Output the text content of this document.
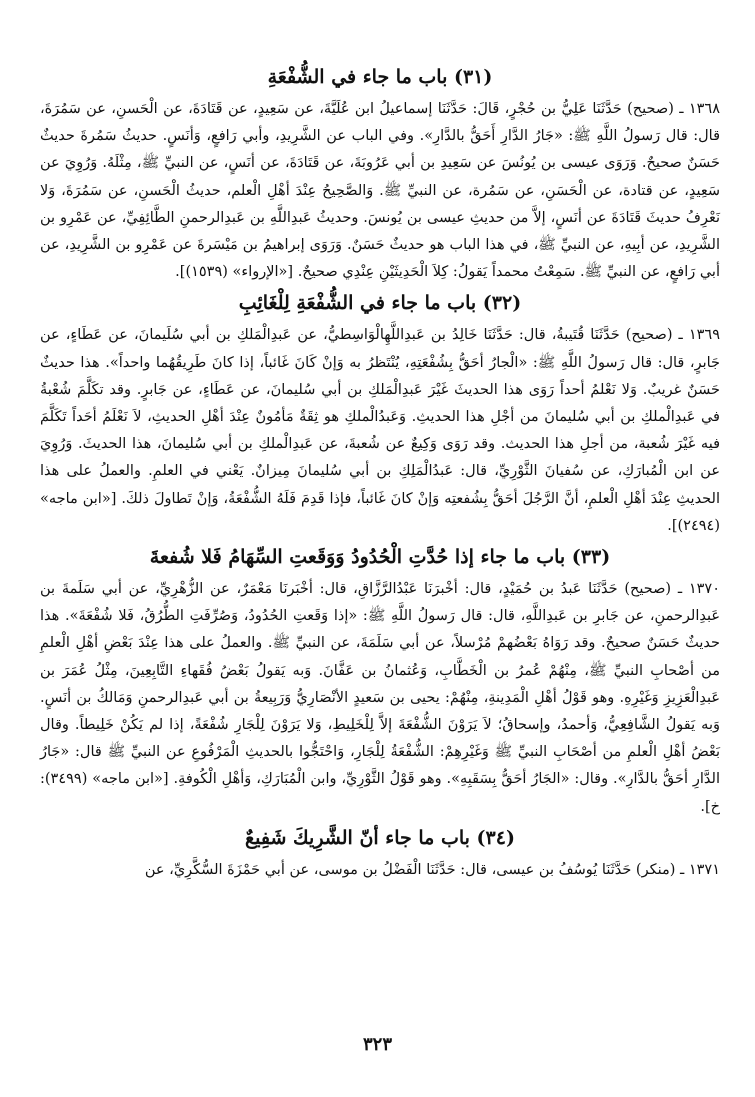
(٣١) باب ما جاء في الشُّفْعَةِ

١٣٦٨ ـ (صحيح) حَدَّثَنَا عَلِيُّ بن حُجْرٍ، قَالَ: حَدَّثَنَا إسماعيلُ ابن عُلَيَّةَ، عن سَعِيدٍ، عن قَتَادَةَ، عن الْحَسنِ، عن سَمُرَةَ، قال: قال رَسولُ اللَّهِ ﷺ: «جَارُ الدَّارِ أَحَقُّ بالدَّارِ». وفي الباب عن الشَّرِيدِ، وأبي رَافعٍ، وَأنَسٍ. حديثُ سَمُرةَ حديثٌ حَسَنٌ صحيحٌ. وَرَوَى عيسى بن يُونُسَ عن سَعِيدِ بن أبي عَرُوبَةَ، عن قَتَادَةَ، عن أنَسٍ، عن النبيِّ ﷺ، مِثْلَهُ. وَرُوِيَ عن سَعِيدٍ، عن قتادة، عن الْحَسَنِ، عن سَمُرة، عن النبيِّ ﷺ. وَالصَّحِيحُ عِنْدَ أهْلِ الْعلم، حديثُ الْحَسنِ، عن سَمُرَةَ، وَلا نَعْرِفُ حديثَ قَتَادَةَ عن أنَسٍ، إلاَّ من حديثِ عيسى بن يُونسَ. وحديثُ عَبدِاللَّهِ بن عَبدِالرحمنِ الطَّائِفِيِّ، عن عَمْرِو بن الشَّرِيدِ، عن أبِيهِ، عن النبيِّ ﷺ، في هذا الباب هو حديثٌ حَسَنٌ. وَرَوَى إبراهيمُ بن مَيْسَرةَ عن عَمْرِو بن الشَّرِيدِ، عن أبي رَافعٍ، عن النبيِّ ﷺ. سَمِعْتُ محمداً يَقولُ: كِلاَ الْحَدِيثَيْنِ عِنْدِي صحيحٌ. [«الإرواء» (١٥٣٩)].

(٣٢) باب ما جاء في الشُّفْعَةِ لِلْغَائِبِ

١٣٦٩ ـ (صحيح) حَدَّثَنَا قُتَيبةُ، قال: حَدَّثَنَا خَالِدُ بن عَبدِاللَّهِالْوَاسِطيُّ، عن عَبدِالْمَلكِ بن أبي سُلَيمانَ، عن عَطَاءٍ، عن جَابرٍ، قال: قال رَسولُ اللَّهِ ﷺ: «الْجارُ أحَقُّ بِشُفْعَتِهِ، يُنْتَظرُ به وَإنْ كَانَ غَائباً، إذا كانَ طَرِيقُهُما واحداً». هذا حديثٌ حَسَنٌ غريبٌ. وَلا نَعْلمُ أحداً رَوَى هذا الحديثَ غَيْرَ عَبدِالْمَلكِ بن أبي سُليمانَ، عن عَطَاءٍ، عن جَابرٍ. وقد تكَلَّمَ شُعْبةُ في عَبدِالْملكِ بن أبي سُليمانَ من أجْلِ هذا الحديثِ. وَعَبدُالْملكِ هو ثِقَةٌ مَأمُونٌ عِنْدَ أهْلِ الحديثِ، لاَ نَعْلَمُ أحَداً تَكَلَّمَ فيه غَيْرَ شُعبة، من أجلِ هذا الحديث. وقد رَوَى وَكِيعٌ عن شُعبةَ، عن عَبدِالْملكِ بن أبي سُليمانَ، هذا الحديثَ. وَرُوِيَ عن ابن الْمُبارَكِ، عن سُفيانَ الثَّوْرِيِّ، قال: عَبدُالْمَلِكِ بن أبي سُليمانَ مِيزانٌ. يَعْني في العلمِ. والعملُ على هذا الحديثِ عِنْدَ أهْلِ الْعلمِ، أنَّ الرَّجُلَ أحَقُّ بِشُفعتِه وَإنْ كانَ غَائباً، فإذا قَدِمَ فَلَهُ الشُّفْعَةُ، وَإنْ تَطاولَ ذلكَ. [«ابن ماجه» (٢٤٩٤)].

(٣٣) باب ما جاء إذا حُدَّتِ الْحُدُودُ وَوَقَعتِ السِّهَامُ فَلا شُفعةَ

١٣٧٠ ـ (صحيح) حَدَّثَنَا عَبدُ بن حُمَيْدٍ، قال: أخْبرَنَا عَبْدُالرَّزَّاقِ، قال: أخْبَرنَا مَعْمَرٌ، عن الزُّهْرِيِّ، عن أبي سَلَمةَ بن عَبدِالرحمنِ، عن جَابرِ بن عَبدِاللَّهِ، قال: قال رَسولُ اللَّهِ ﷺ: «إذا وَقَعتِ الحُدُودُ، وَصُرِّفَتِ الطُّرُقُ، فَلا شُفْعَةَ». هذا حديثٌ حَسَنٌ صحيحٌ. وقد رَوَاهُ بَعْضُهمْ مُرْسلاً، عن أبي سَلَمَةَ، عن النبيِّ ﷺ. والعملُ على هذا عِنْدَ بَعْضِ أهْلِ الْعلمِ من أصْحابِ النبيِّ ﷺ، مِنْهُمْ عُمرُ بن الْخَطَّابِ، وَعُثمانُ بن عَفَّانَ. وَبه يَقولُ بَعْضُ فُقَهاءِ التَّابِعِينَ، مِثْلُ عُمَرَ بن عَبدِالْعَزِيزِ وَغَيْرِهِ. وهو قَوْلُ أهْلِ الْمَدِينةِ، مِنْهُمْ: يحيى بن سَعيدٍ الأنْصَارِيُّ وَرَبِيعةُ بن أبي عَبدِالرحمنِ وَمَالكُ بن أنَسٍ. وَبه يَقولُ الشَّافِعِيُّ، وَأحمدُ، وإسحاقُ؛ لاَ يَرَوْنَ الشُّفْعَةَ إلاَّ لِلْخَلِيطِ، وَلا يَرَوْنَ لِلْجَارِ شُفْعَةً، إذا لم يَكُنْ خَلِيطاً. وقال بَعْضُ أهْلِ الْعلمِ من أصْحَابِ النبيِّ ﷺ وَغَيْرِهِمْ: الشُّفْعَةُ لِلْجَارِ، وَاحْتَجُّوا بالحديثِ الْمَرْفُوعِ عن النبيِّ ﷺ قال: «جَارُ الدَّارِ أحَقُّ بالدَّارِ». وقال: «الجَارُ أحَقُّ بِسَقَبِهِ». وهو قَوْلُ الثَّوْرِيِّ، وابن الْمُبَارَكِ، وَأهْلِ الْكُوفةِ. [«ابن ماجه» (٣٤٩٩): خ].

(٣٤) باب ما جاء أنّ الشَّرِيكَ شَفِيعٌ

١٣٧١ ـ (منكر) حَدَّثَنَا يُوسُفُ بن عيسى، قال: حَدَّثَنَا الْفَضْلُ بن موسى، عن أبي حَمْزَةَ السُّكَّرِيِّ، عن

٣٢٣
